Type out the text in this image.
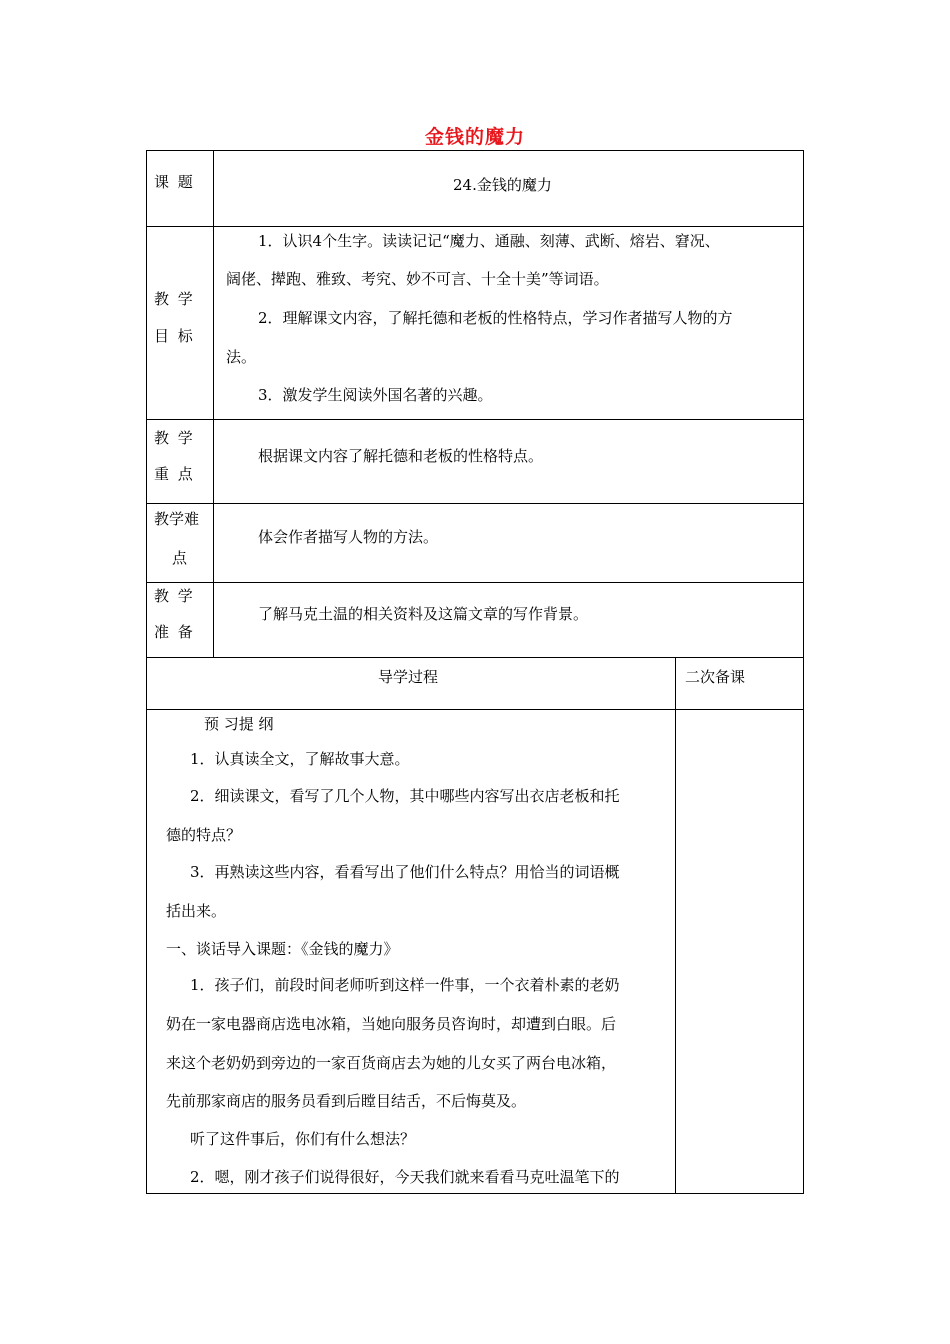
金钱的魔力
课 题	24.金钱的魔力
教 学
目 标
1．认识4个生字。读读记记“魔力、通融、刻薄、武断、熔岩、窘况、
阔佬、撵跑、雅致、考究、妙不可言、十全十美”等词语。
2．理解课文内容，了解托德和老板的性格特点，学习作者描写人物的方
法。
3．激发学生阅读外国名著的兴趣。
教 学
重 点
根据课文内容了解托德和老板的性格特点。
教学难
点
体会作者描写人物的方法。
教 学
准 备
了解马克土温的相关资料及这篇文章的写作背景。
导学过程	二次备课
预 习提 纲
1．认真读全文，了解故事大意。
2．细读课文，看写了几个人物，其中哪些内容写出衣店老板和托
德的特点？
3．再熟读这些内容，看看写出了他们什么特点？用恰当的词语概
括出来。
一、谈话导入课题：《金钱的魔力》
1．孩子们，前段时间老师听到这样一件事，一个衣着朴素的老奶
奶在一家电器商店选电冰箱，当她向服务员咨询时，却遭到白眼。后
来这个老奶奶到旁边的一家百货商店去为她的儿女买了两台电冰箱，
先前那家商店的服务员看到后瞠目结舌，不后悔莫及。
听了这件事后，你们有什么想法？
2．嗯，刚才孩子们说得很好，今天我们就来看看马克吐温笔下的
